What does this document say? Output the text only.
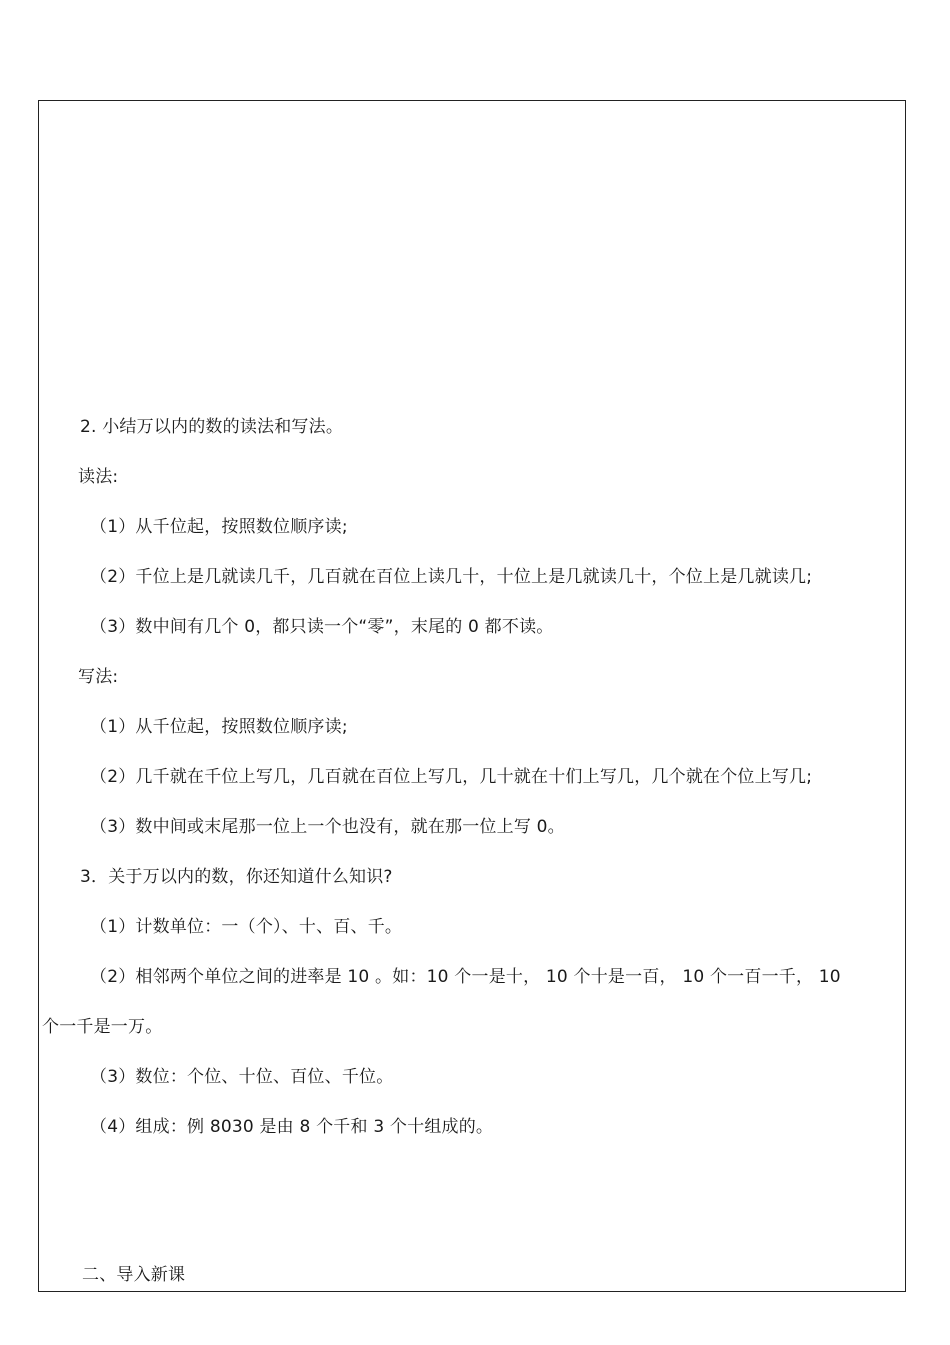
2. 小结万以内的数的读法和写法。
读法:
（1）从千位起，按照数位顺序读;
（2）千位上是几就读几千，几百就在百位上读几十，十位上是几就读几十，个位上是几就读几;
（3）数中间有几个 0，都只读一个“零”，末尾的 0 都不读。
写法:
（1）从千位起，按照数位顺序读;
（2）几千就在千位上写几，几百就在百位上写几，几十就在十们上写几，几个就在个位上写几;
（3）数中间或末尾那一位上一个也没有，就在那一位上写 0。
3．关于万以内的数，你还知道什么知识?
（1）计数单位：一（个）、十、百、千。
（2）相邻两个单位之间的进率是 10 。如：10 个一是十， 10 个十是一百， 10 个一百一千， 10
个一千是一万。
（3）数位：个位、十位、百位、千位。
（4）组成：例 8030 是由 8 个千和 3 个十组成的。
二、导入新课
